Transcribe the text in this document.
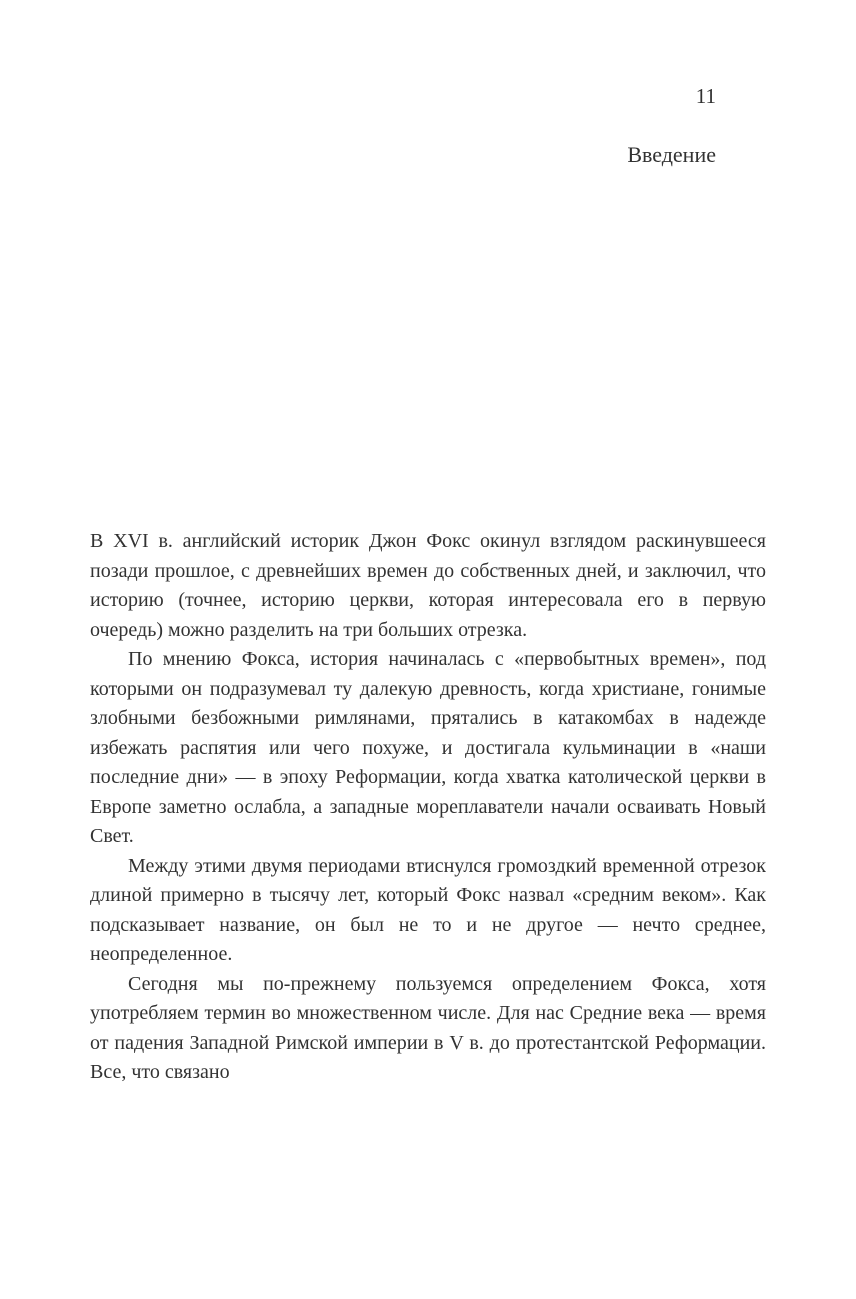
11
Введение

В XVI в. английский историк Джон Фокс окинул взглядом раскинувшееся позади прошлое, с древнейших времен до собственных дней, и заключил, что историю (точнее, историю церкви, которая интересовала его в первую очередь) можно разделить на три больших отрезка.

По мнению Фокса, история начиналась с «первобытных времен», под которыми он подразумевал ту далекую древность, когда христиане, гонимые злобными безбожными римлянами, прятались в катакомбах в надежде избежать распятия или чего похуже, и достигала кульминации в «наши последние дни» — в эпоху Реформации, когда хватка католической церкви в Европе заметно ослабла, а западные мореплаватели начали осваивать Новый Свет.

Между этими двумя периодами втиснулся громоздкий временной отрезок длиной примерно в тысячу лет, который Фокс назвал «средним веком». Как подсказывает название, он был не то и не другое — нечто среднее, неопределенное.

Сегодня мы по-прежнему пользуемся определением Фокса, хотя употребляем термин во множественном числе. Для нас Средние века — время от падения Западной Римской империи в V в. до протестантской Реформации. Все, что связано
